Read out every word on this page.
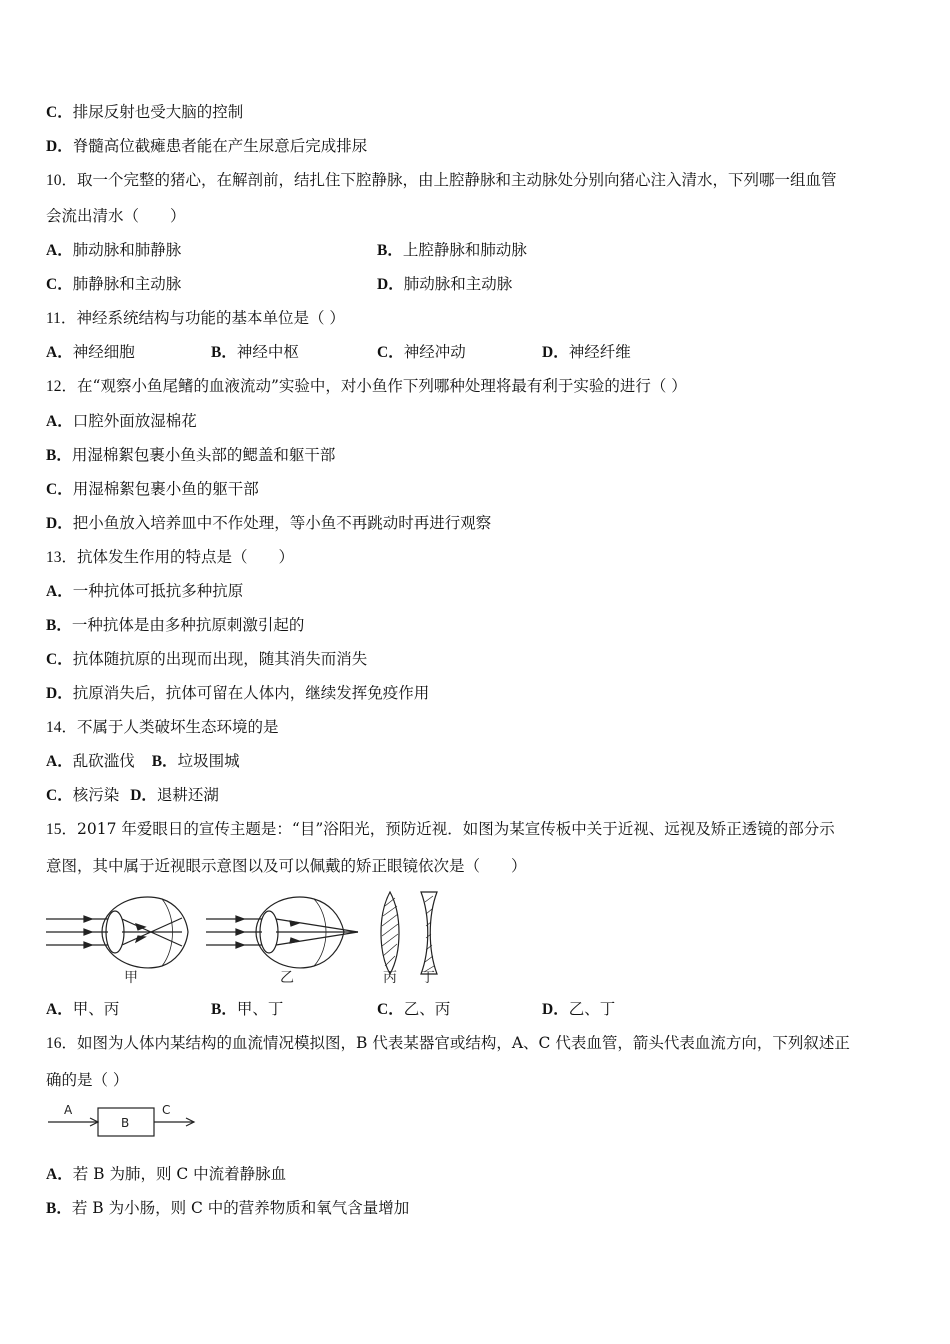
C．排尿反射也受大脑的控制
D．脊髓高位截瘫患者能在产生尿意后完成排尿
10．取一个完整的猪心，在解剖前，结扎住下腔静脉，由上腔静脉和主动脉处分别向猪心注入清水，下列哪一组血管
会流出清水（　　）
A．肺动脉和肺静脉	B．上腔静脉和肺动脉
C．肺静脉和主动脉	D．肺动脉和主动脉
11．神经系统结构与功能的基本单位是（ ）
A．神经细胞	B．神经中枢	C．神经冲动	D．神经纤维
12．在“观察小鱼尾鳍的血液流动”实验中，对小鱼作下列哪种处理将最有利于实验的进行（ ）
A．口腔外面放湿棉花
B．用湿棉絮包裹小鱼头部的鳃盖和躯干部
C．用湿棉絮包裹小鱼的躯干部
D．把小鱼放入培养皿中不作处理，等小鱼不再跳动时再进行观察
13．抗体发生作用的特点是（　　）
A．一种抗体可抵抗多种抗原
B．一种抗体是由多种抗原刺激引起的
C．抗体随抗原的出现而出现，随其消失而消失
D．抗原消失后，抗体可留在人体内，继续发挥免疫作用
14．不属于人类破坏生态环境的是
A．乱砍滥伐 B．垃圾围城
C．核污染 D．退耕还湖
15．2017 年爱眼日的宣传主题是：“目”浴阳光，预防近视．如图为某宣传板中关于近视、远视及矫正透镜的部分示
意图，其中属于近视眼示意图以及可以佩戴的矫正眼镜依次是（　　）
甲	乙	丙 丁
A．甲、丙	B．甲、丁	C．乙、丙	D．乙、丁
16．如图为人体内某结构的血流情况模拟图，B 代表某器官或结构，A、C 代表血管，箭头代表血流方向，下列叙述正
确的是（ ）
A
B
C
A．若 B 为肺，则 C 中流着静脉血
B．若 B 为小肠，则 C 中的营养物质和氧气含量增加
